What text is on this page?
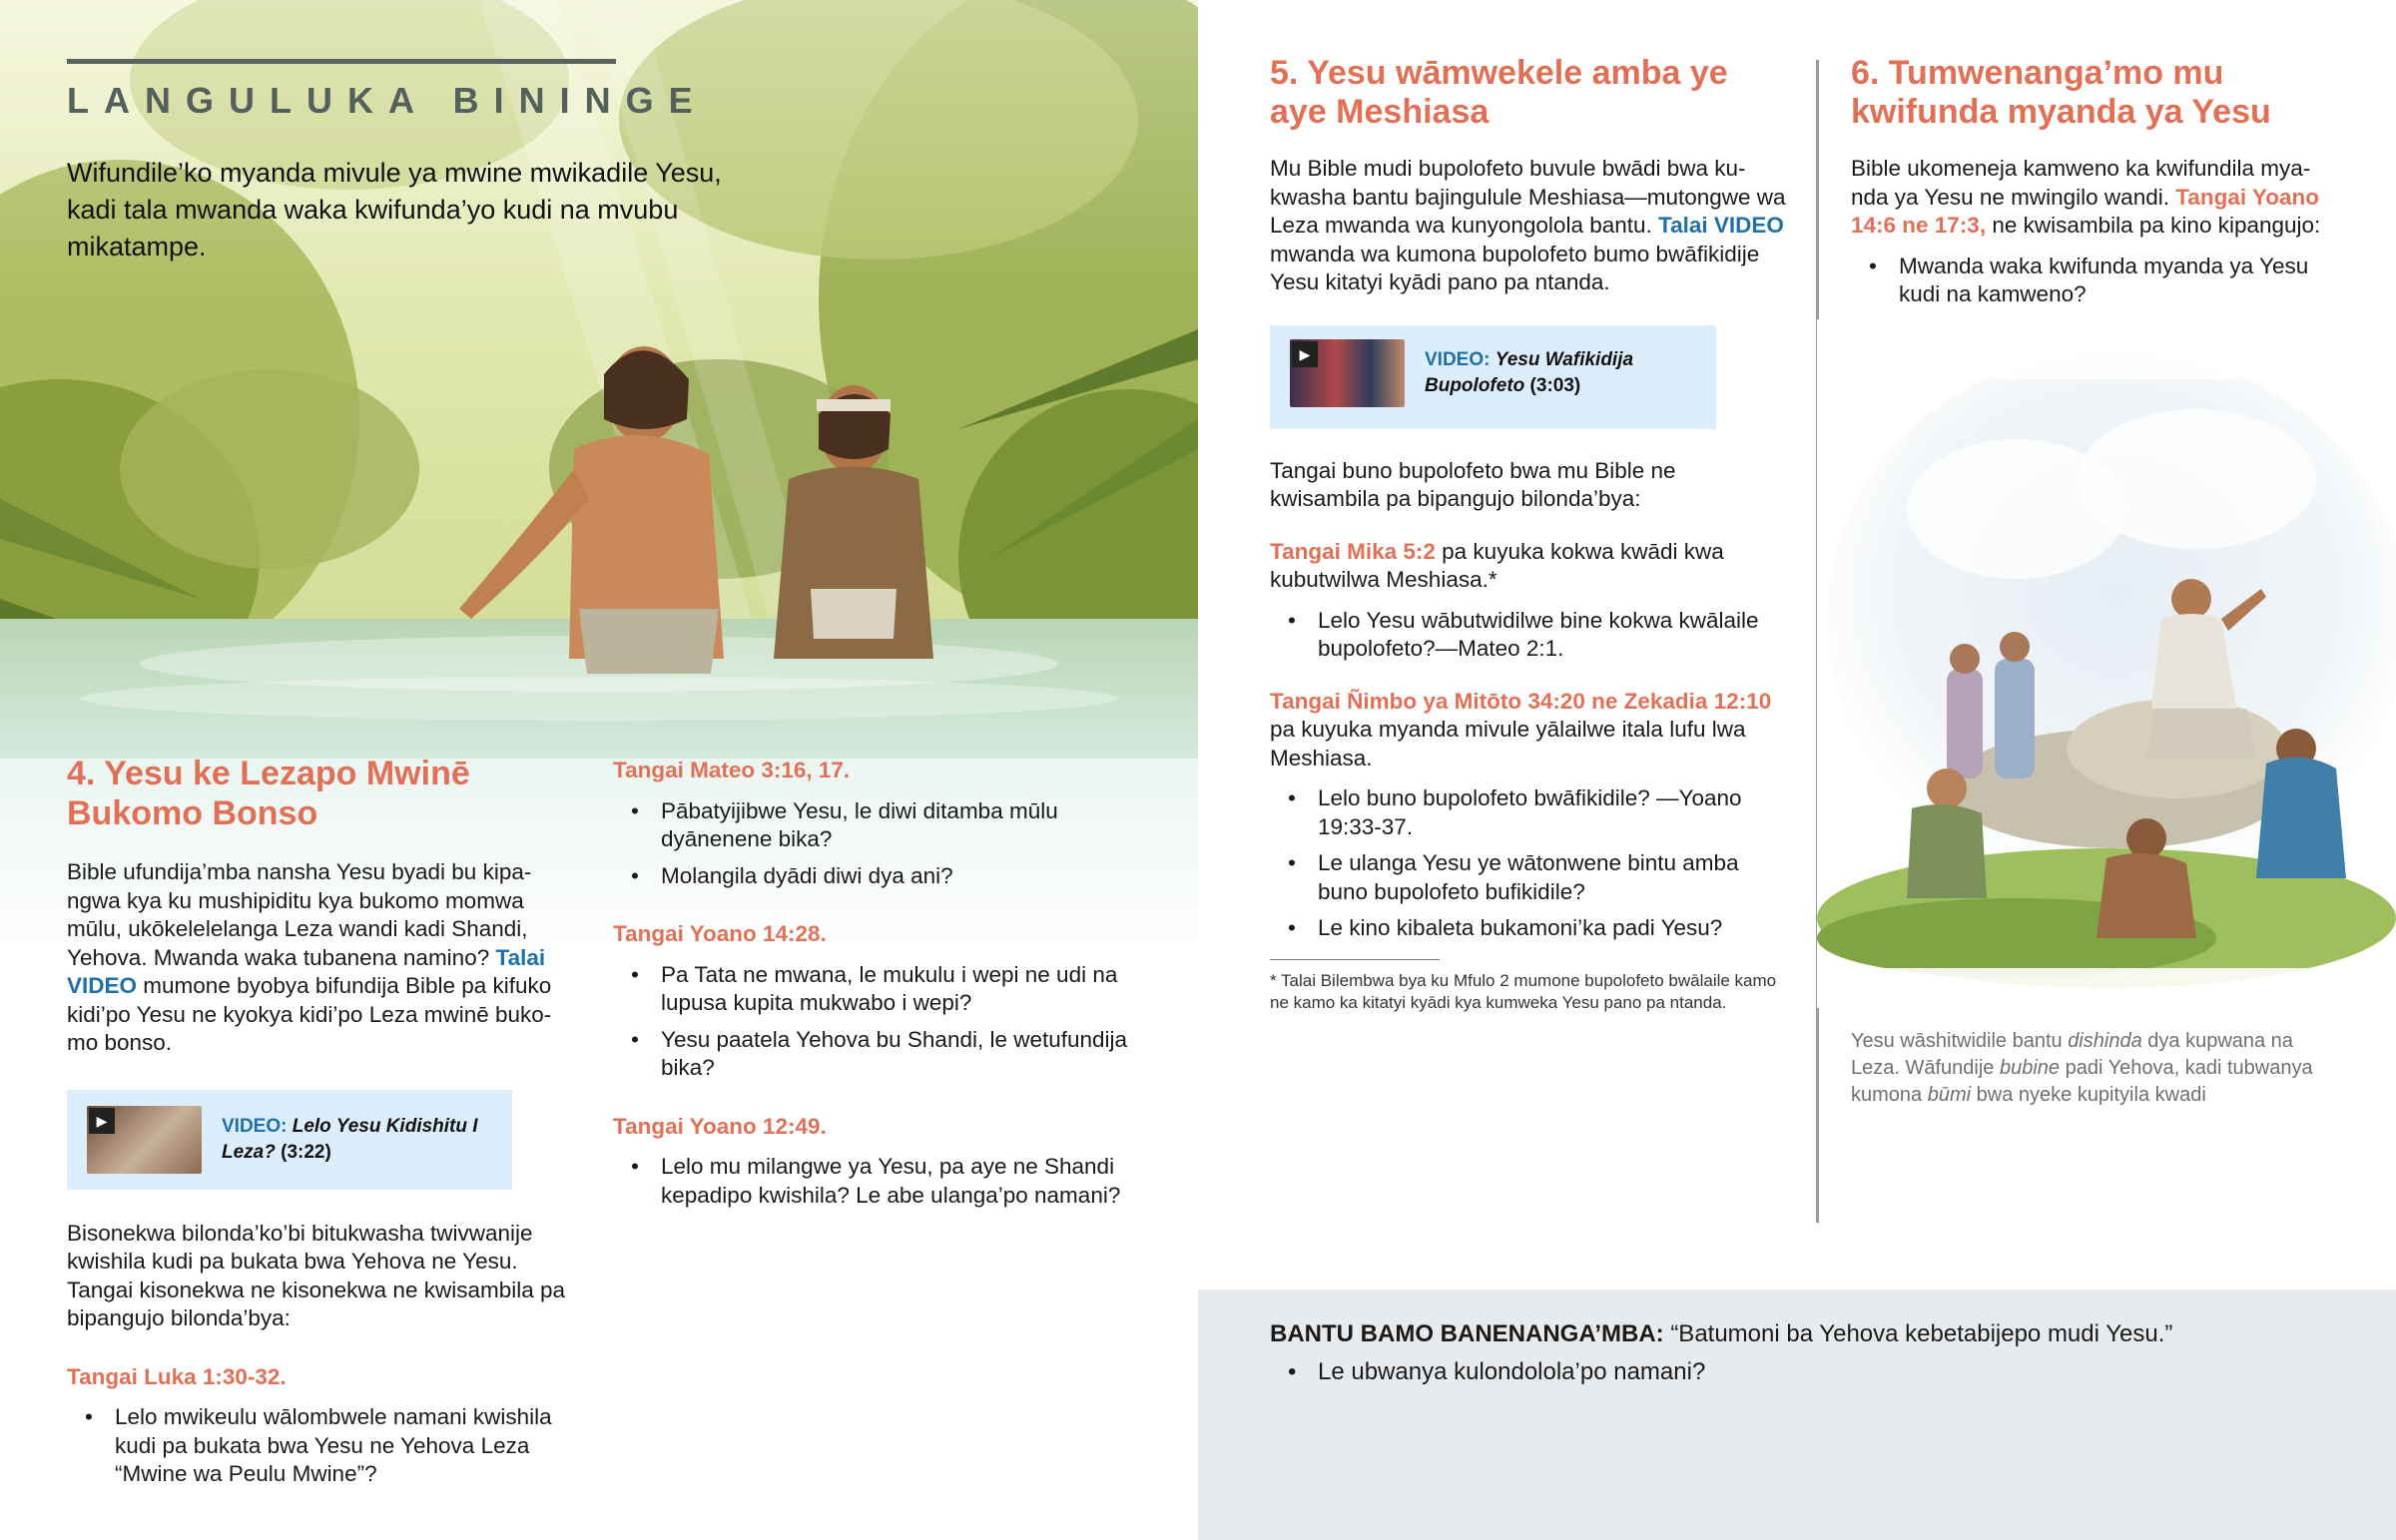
LANGULUKA BININGE
Wifundile’ko myanda mivule ya mwine mwikadile Yesu, kadi tala mwanda waka kwifunda’yo kudi na mvubu mikatampe.
4. Yesu ke Lezapo Mwinē Bukomo Bonso

Bible ufundija’mba nansha Yesu byadi bu kipangwa kya ku mushipiditu kya bukomo momwa mūlu, ukōkelelelanga Leza wandi kadi Shandi, Yehova. Mwanda waka tubanena namino? Talai
VIDEO mumone byobya bifundija Bible pa kifuko kidi’po Yesu ne kyokya kidi’po Leza mwinē bukomo bonso.

▶	VIDEO: Lelo Yesu Kidishitu I Leza? (3:22)

Bisonekwa bilonda’ko’bi bitukwasha twivwanije kwishila kudi pa bukata bwa Yehova ne Yesu. Tangai kisonekwa ne kisonekwa ne kwisambila pa bipangujo bilonda’bya:

Tangai Luka 1:30-32.
• Lelo mwikeulu wālombwele namani kwishila kudi pa bukata bwa Yesu ne Yehova Leza “Mwine wa Peulu Mwine”?
Tangai Mateo 3:16, 17.
• Pābatyijibwe Yesu, le diwi ditamba mūlu dyānenene bika?
• Molangila dyādi diwi dya ani?
Tangai Yoano 14:28.
• Pa Tata ne mwana, le mukulu i wepi ne udi na lupusa kupita mukwabo i wepi?
• Yesu paatela Yehova bu Shandi, le wetufundija bika?
Tangai Yoano 12:49.
• Lelo mu milangwe ya Yesu, pa aye ne Shandi kepadipo kwishila? Le abe ulanga’po namani?
5. Yesu wāmwekele amba ye aye Meshiasa

Mu Bible mudi bupolofeto buvule bwādi bwa kukwasha bantu bajingulule Meshiasa—mutongwe wa Leza mwanda wa kunyongolola bantu. Talai VIDEO mwanda wa kumona bupolofeto bumo bwāfikidije Yesu kitatyi kyādi pano pa ntanda.

▶	VIDEO: Yesu Wafikidija Bupolofeto (3:03)

Tangai buno bupolofeto bwa mu Bible ne kwisambila pa bipangujo bilonda’bya:

Tangai Mika 5:2 pa kuyuka kokwa kwādi kwa kubutwilwa Meshiasa.*

• Lelo Yesu wābutwidilwe bine kokwa kwālaile bupolofeto?—Mateo 2:1.

Tangai Ñimbo ya Mitōto 34:20 ne Zekadia 12:10 pa kuyuka myanda mivule yālailwe itala lufu lwa Meshiasa.

• Lelo buno bupolofeto bwāfikidile? —Yoano 19:33-37.
• Le ulanga Yesu ye wātonwene bintu amba buno bupolofeto bufikidile?
• Le kino kibaleta bukamoni’ka padi Yesu?

* Talai Bilembwa bya ku Mfulo 2 mumone bupolofeto bwālaile kamo ne kamo ka kitatyi kyādi kya kumweka Yesu pano pa ntanda.

6. Tumwenanga’mo mu kwifunda myanda ya Yesu

Bible ukomeneja kamweno ka kwifundila myanda ya Yesu ne mwingilo wandi. Tangai Yoano 14:6 ne 17:3, ne kwisambila pa kino kipangujo:

• Mwanda waka kwifunda myanda ya Yesu kudi na kamweno?

Yesu wāshitwidile bantu dishinda dya kupwana na Leza. Wāfundije bubine padi Yehova, kadi tubwanya kumona būmi bwa nyeke kupityila kwadi

BANTU BAMO BANENANGA’MBA: “Batumoni ba Yehova kebetabijepo mudi Yesu.”

• Le ubwanya kulondolola’po namani?
